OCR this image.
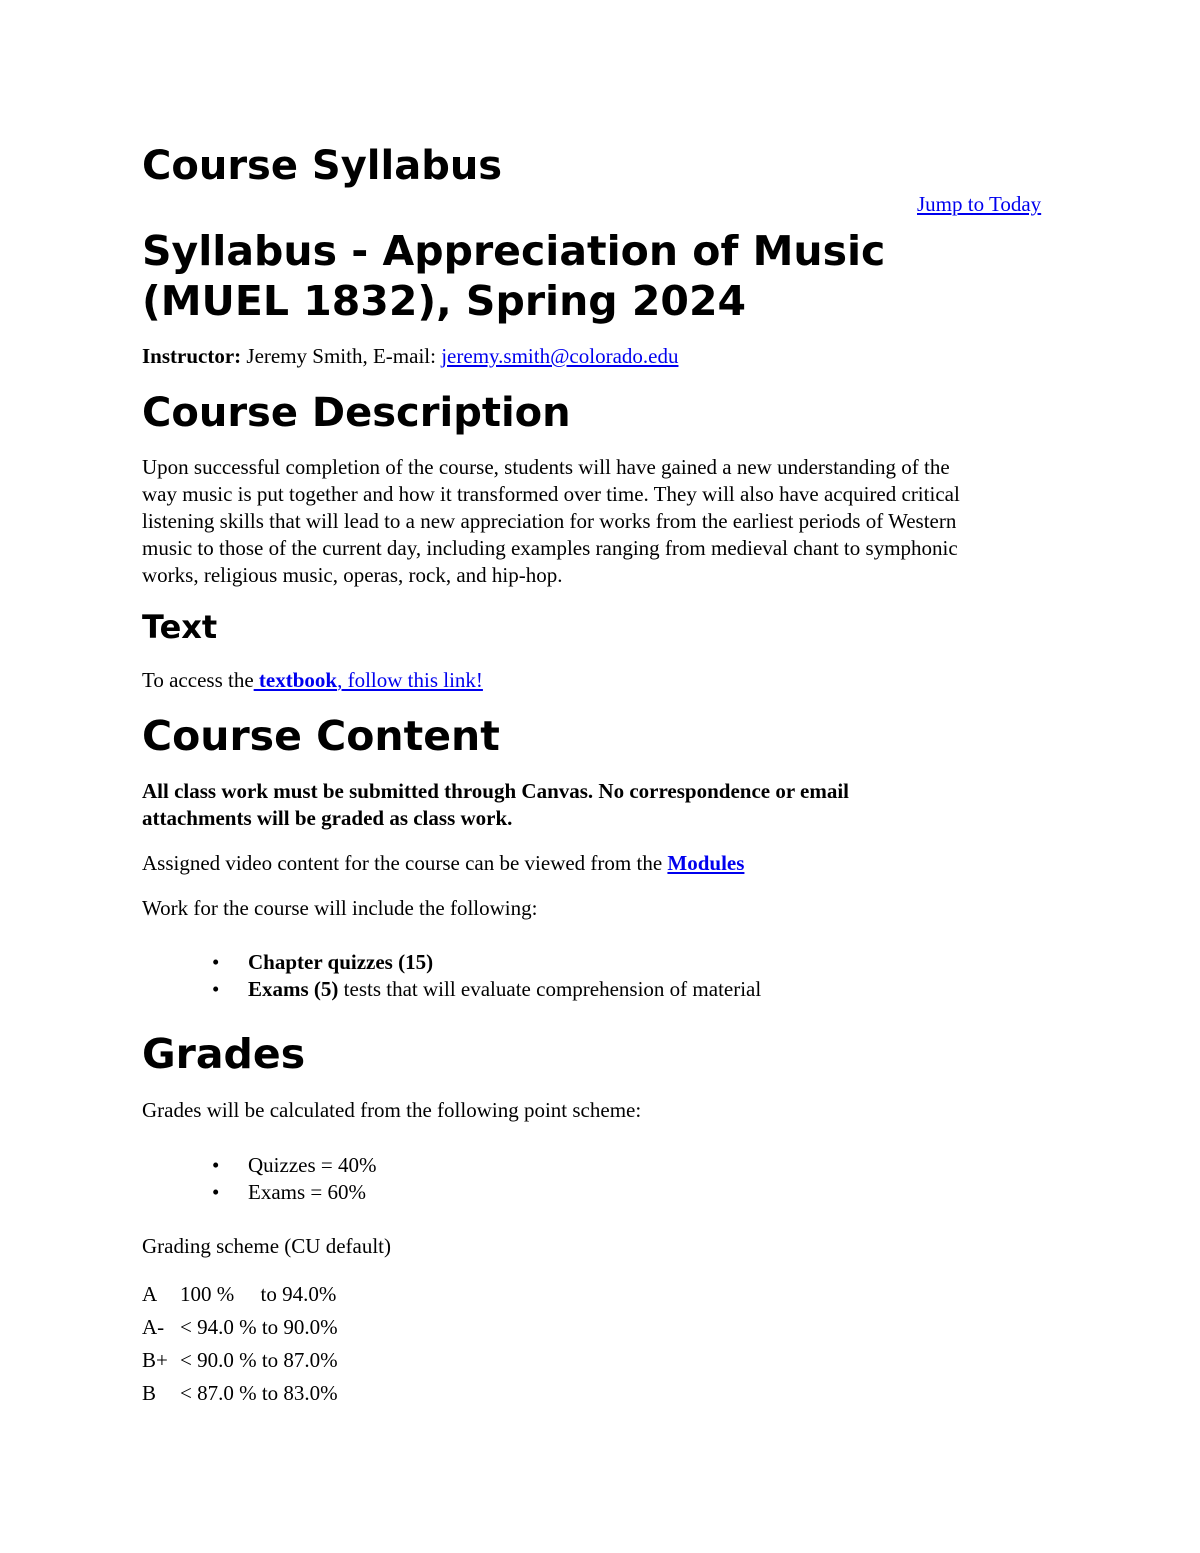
Course Syllabus
Jump to Today
Syllabus - Appreciation of Music
(MUEL 1832), Spring 2024

Instructor: Jeremy Smith, E-mail: jeremy.smith@colorado.edu

Course Description
Upon successful completion of the course, students will have gained a new understanding of the
way music is put together and how it transformed over time. They will also have acquired critical
listening skills that will lead to a new appreciation for works from the earliest periods of Western
music to those of the current day, including examples ranging from medieval chant to symphonic
works, religious music, operas, rock, and hip-hop.
Text

To access the textbook, follow this link!

Course Content
All class work must be submitted through Canvas. No correspondence or email
attachments will be graded as class work.

Assigned video content for the course can be viewed from the Modules

Work for the course will include the following:

• Chapter quizzes (15)
• Exams (5) tests that will evaluate comprehension of material
Grades

Grades will be calculated from the following point scheme:

• Quizzes = 40%
• Exams = 60%

Grading scheme (CU default)

A 100 %     to 94.0%
A- < 94.0 % to 90.0%
B+ < 90.0 % to 87.0%
B < 87.0 % to 83.0%
